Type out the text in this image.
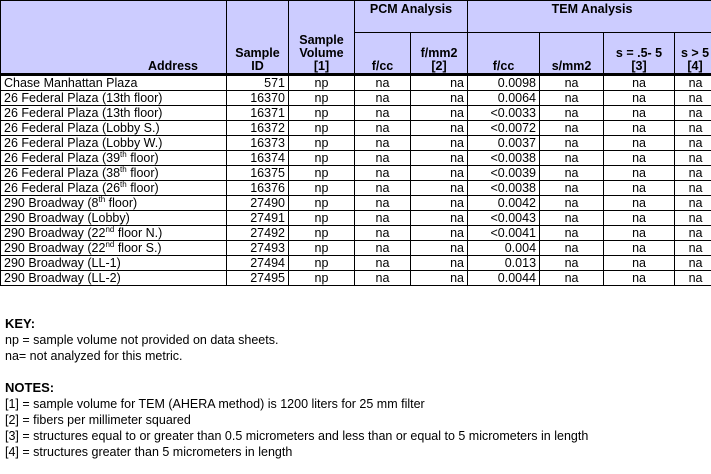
Address	Sample ID	Sample Volume [1]	PCM Analysis		TEM Analysis			
			f/cc	f/mm2 [2]	f/cc	s/mm2	s = .5- 5 [3]	s > 5 [4]
Chase Manhattan Plaza	571	np	na	na	0.0098	na	na	na
26 Federal Plaza (13th floor)	16370	np	na	na	0.0064	na	na	na
26 Federal Plaza (13th floor)	16371	np	na	na	<0.0033	na	na	na
26 Federal Plaza (Lobby S.)	16372	np	na	na	<0.0072	na	na	na
26 Federal Plaza (Lobby W.)	16373	np	na	na	0.0037	na	na	na
26 Federal Plaza (39th floor)	16374	np	na	na	<0.0038	na	na	na
26 Federal Plaza (38th floor)	16375	np	na	na	<0.0039	na	na	na
26 Federal Plaza (26th floor)	16376	np	na	na	<0.0038	na	na	na
290 Broadway (8th floor)	27490	np	na	na	0.0042	na	na	na
290 Broadway (Lobby)	27491	np	na	na	<0.0043	na	na	na
290 Broadway (22nd floor N.)	27492	np	na	na	<0.0041	na	na	na
290 Broadway (22nd floor S.)	27493	np	na	na	0.004	na	na	na
290 Broadway (LL-1)	27494	np	na	na	0.013	na	na	na
290 Broadway (LL-2)	27495	np	na	na	0.0044	na	na	na
KEY:
np = sample volume not provided on data sheets.
na= not analyzed for this metric.
NOTES:
[1] = sample volume for TEM (AHERA method) is 1200 liters for 25 mm filter
[2] = fibers per millimeter squared
[3] = structures equal to or greater than 0.5 micrometers and less than or equal to 5 micrometers in length
[4] = structures greater than 5 micrometers in length
